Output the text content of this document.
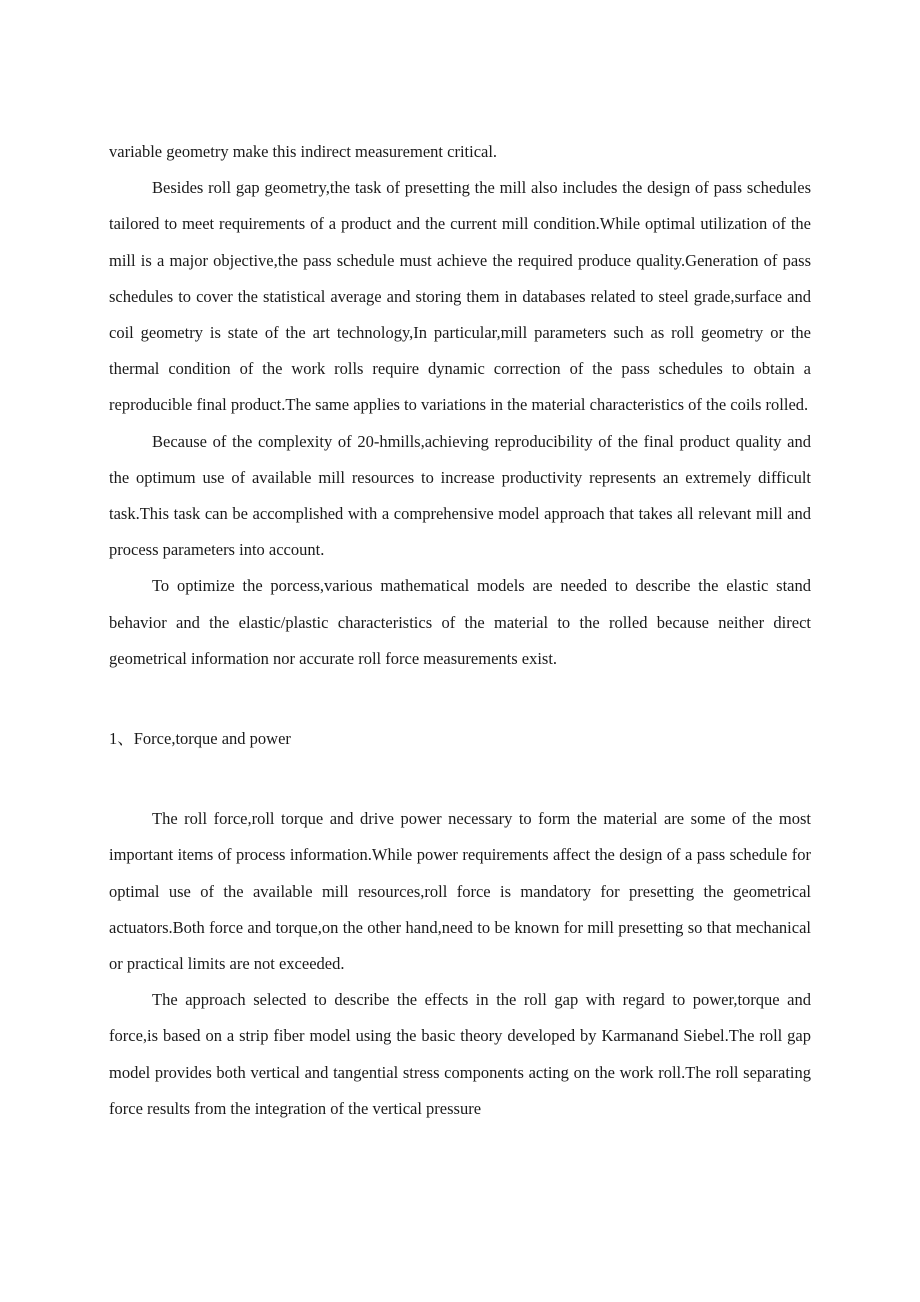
variable geometry make this indirect measurement critical.

Besides roll gap geometry,the task of presetting the mill also includes the design of pass schedules tailored to meet requirements of a product and the current mill condition.While optimal utilization of the mill is a major objective,the pass schedule must achieve the required produce quality.Generation of pass schedules to cover the statistical average and storing them in databases related to steel grade,surface and coil geometry is state of the art technology,In particular,mill parameters such as roll geometry or the thermal condition of the work rolls require dynamic correction of the pass schedules to obtain a reproducible final product.The same applies to variations in the material characteristics of the coils rolled.

Because of the complexity of 20-hmills,achieving reproducibility of the final product quality and the optimum use of available mill resources to increase productivity represents an extremely difficult task.This task can be accomplished with a comprehensive model approach that takes all relevant mill and process parameters into account.

To optimize the porcess,various mathematical models are needed to describe the elastic stand behavior and the elastic/plastic characteristics of the material to the rolled because neither direct geometrical information nor accurate roll force measurements exist.

1、Force,torque and power

The roll force,roll torque and drive power necessary to form the material are some of the most important items of process information.While power requirements affect the design of a pass schedule for optimal use of the available mill resources,roll force is mandatory for presetting the geometrical actuators.Both force and torque,on the other hand,need to be known for mill presetting so that mechanical or practical limits are not exceeded.

The approach selected to describe the effects in the roll gap with regard to power,torque and force,is based on a strip fiber model using the basic theory developed by Karmanand Siebel.The roll gap model provides both vertical and tangential stress components acting on the work roll.The roll separating force results from the integration of the vertical pressure
